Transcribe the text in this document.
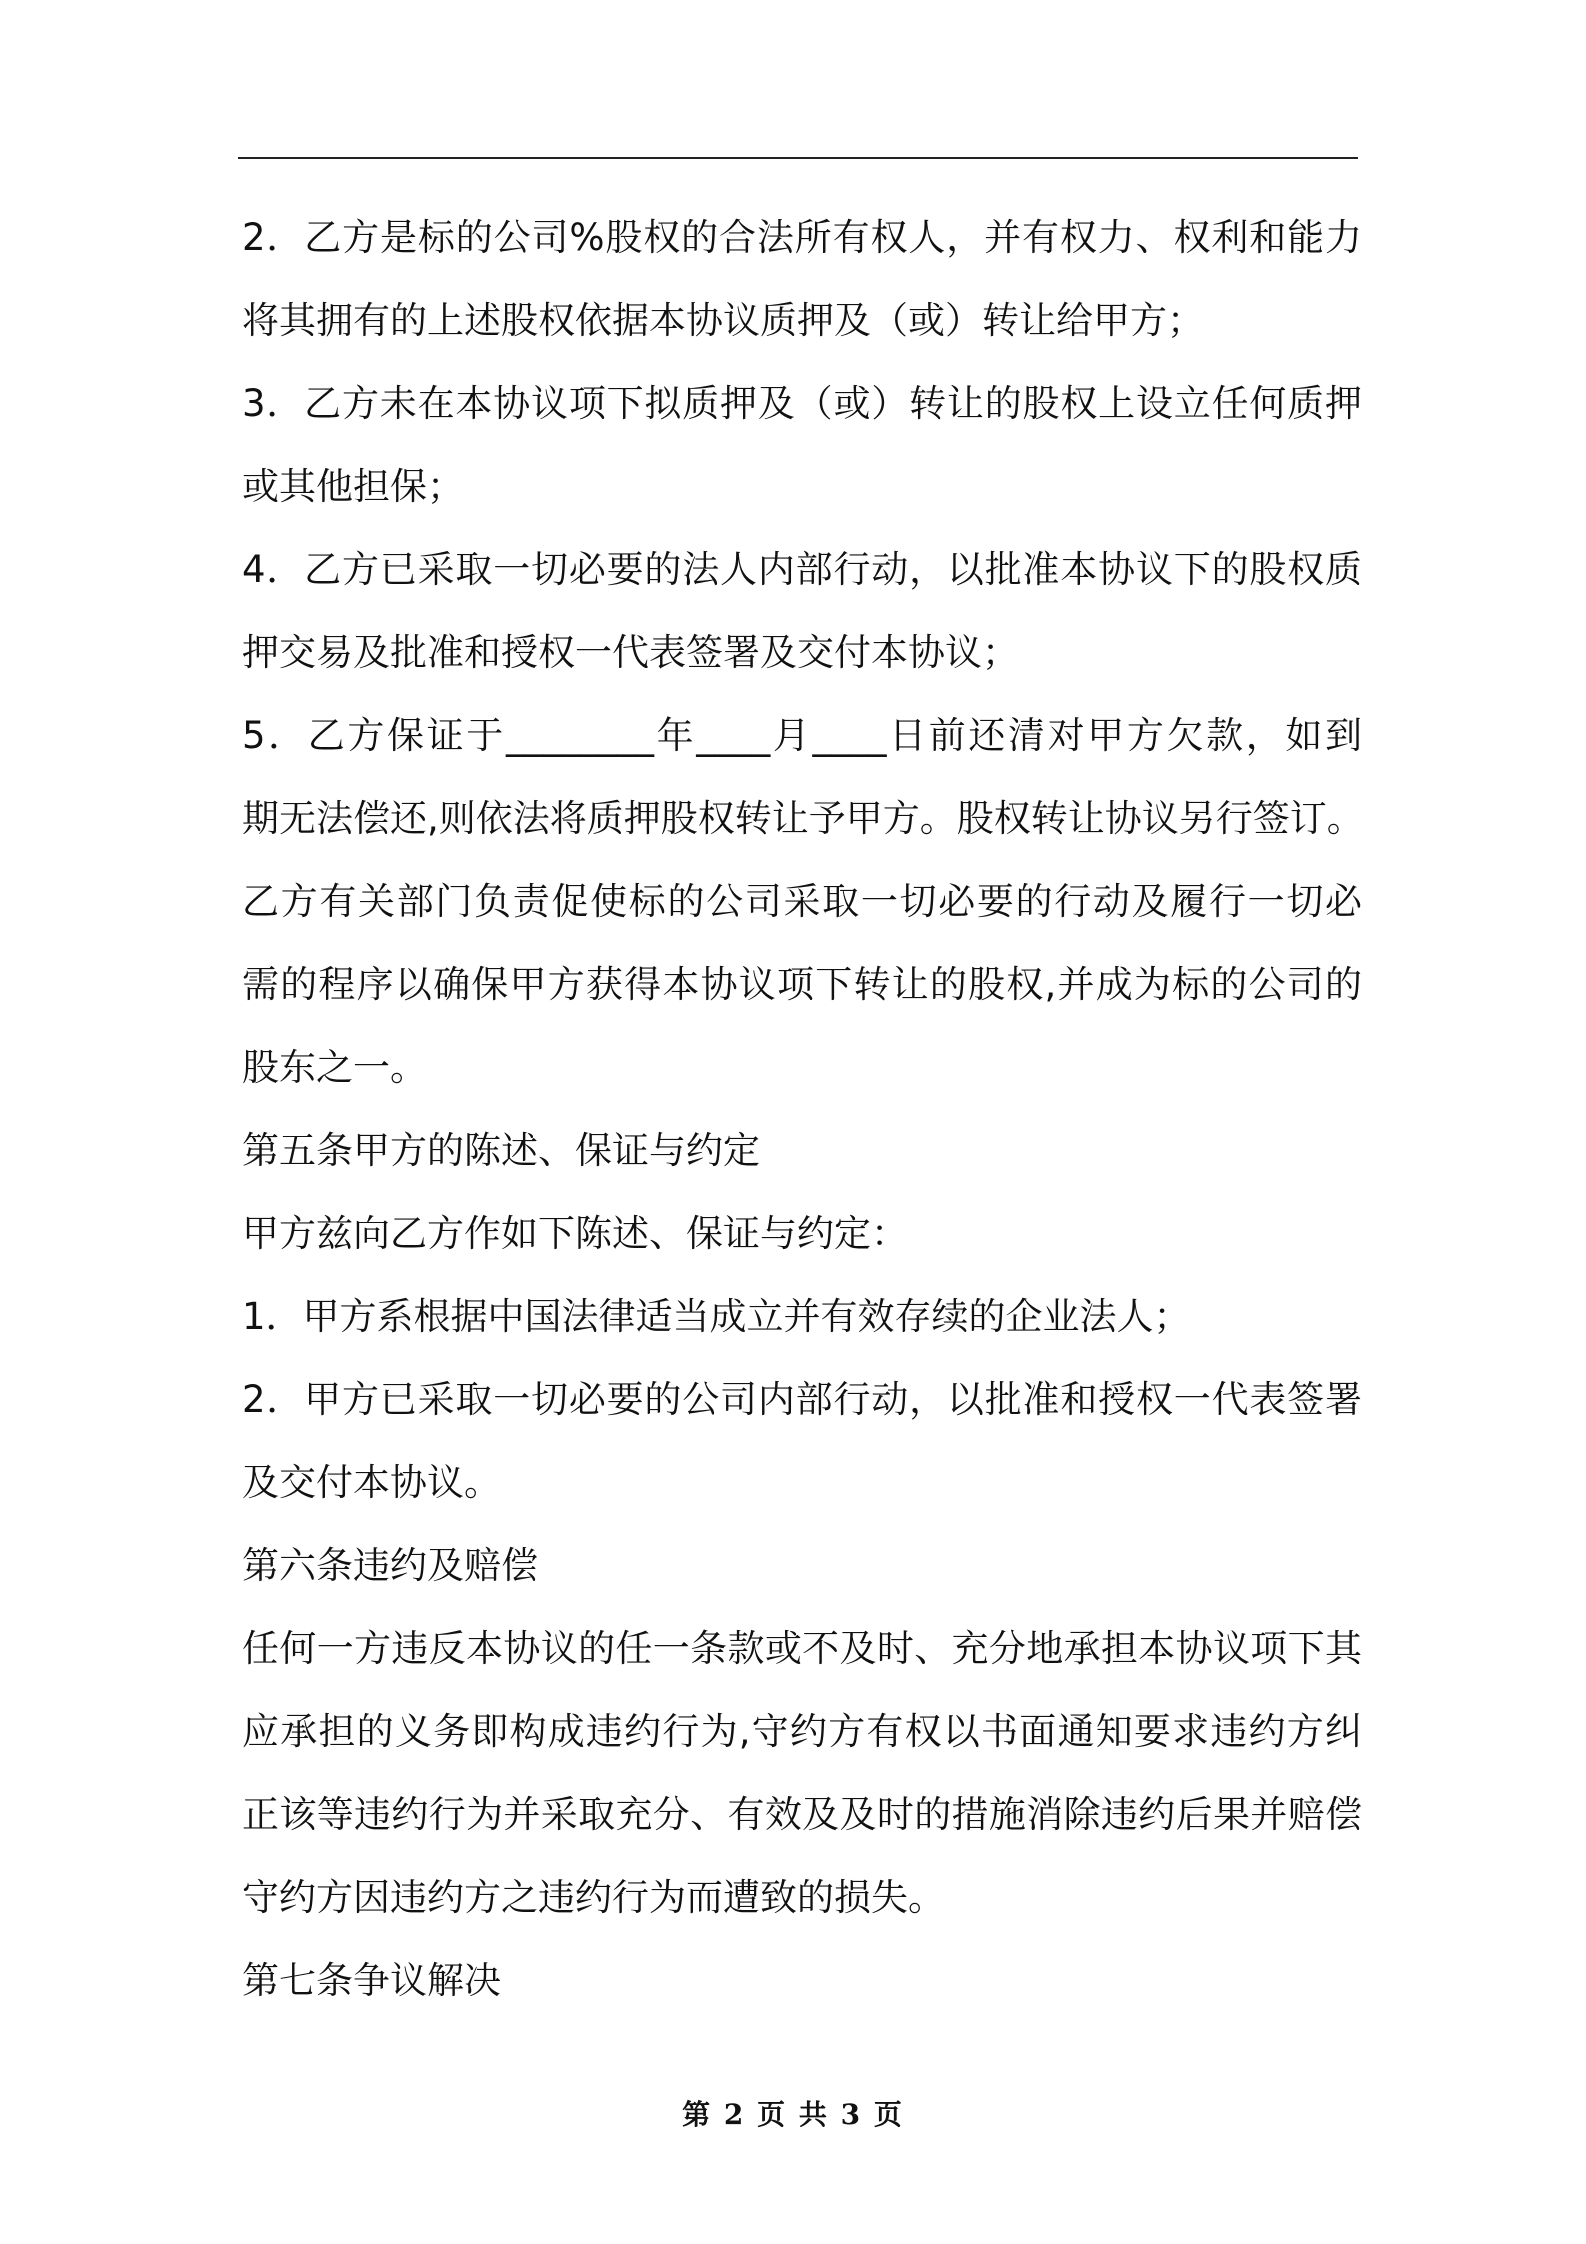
2．乙方是标的公司%股权的合法所有权人，并有权力、权利和能力
将其拥有的上述股权依据本协议质押及（或）转让给甲方；
3．乙方未在本协议项下拟质押及（或）转让的股权上设立任何质押
或其他担保；
4．乙方已采取一切必要的法人内部行动，以批准本协议下的股权质
押交易及批准和授权一代表签署及交付本协议；
5．乙方保证于________年____月____日前还清对甲方欠款，如到
期无法偿还,则依法将质押股权转让予甲方。股权转让协议另行签订。
乙方有关部门负责促使标的公司采取一切必要的行动及履行一切必
需的程序以确保甲方获得本协议项下转让的股权,并成为标的公司的
股东之一。
第五条甲方的陈述、保证与约定
甲方兹向乙方作如下陈述、保证与约定：
1．甲方系根据中国法律适当成立并有效存续的企业法人；
2．甲方已采取一切必要的公司内部行动，以批准和授权一代表签署
及交付本协议。
第六条违约及赔偿
任何一方违反本协议的任一条款或不及时、充分地承担本协议项下其
应承担的义务即构成违约行为,守约方有权以书面通知要求违约方纠
正该等违约行为并采取充分、有效及及时的措施消除违约后果并赔偿
守约方因违约方之违约行为而遭致的损失。
第七条争议解决
第 2 页 共 3 页
